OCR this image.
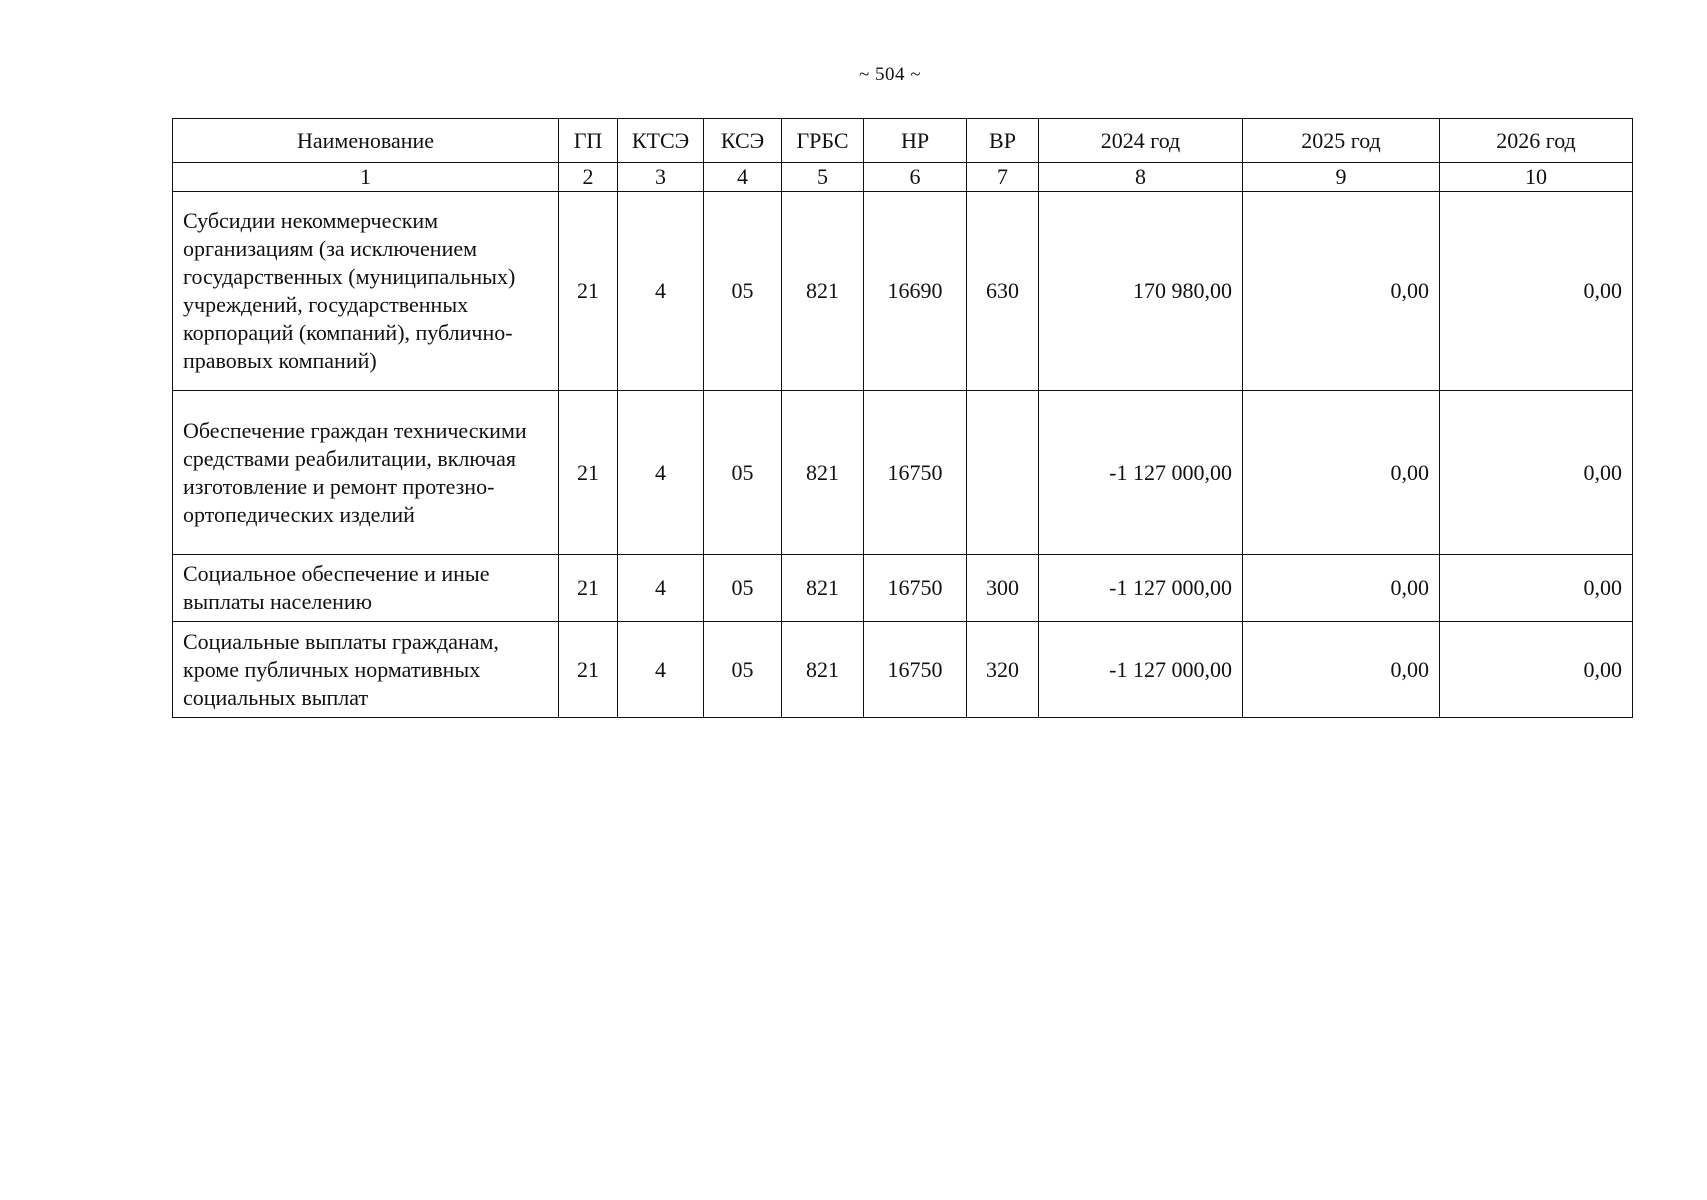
~ 504 ~
Наименование	ГП	КТСЭ	КСЭ	ГРБС	НР	ВР	2024 год	2025 год	2026 год
1	2	3	4	5	6	7	8	9	10
Субсидии некоммерческим организациям (за исключением государственных (муниципальных) учреждений, государственных корпораций (компаний), публично-правовых компаний)	21	4	05	821	16690	630	170 980,00	0,00	0,00
Обеспечение граждан техническими средствами реабилитации, включая изготовление и ремонт протезно-ортопедических изделий	21	4	05	821	16750		-1 127 000,00	0,00	0,00
Социальное обеспечение и иные выплаты населению	21	4	05	821	16750	300	-1 127 000,00	0,00	0,00
Социальные выплаты гражданам, кроме публичных нормативных социальных выплат	21	4	05	821	16750	320	-1 127 000,00	0,00	0,00
